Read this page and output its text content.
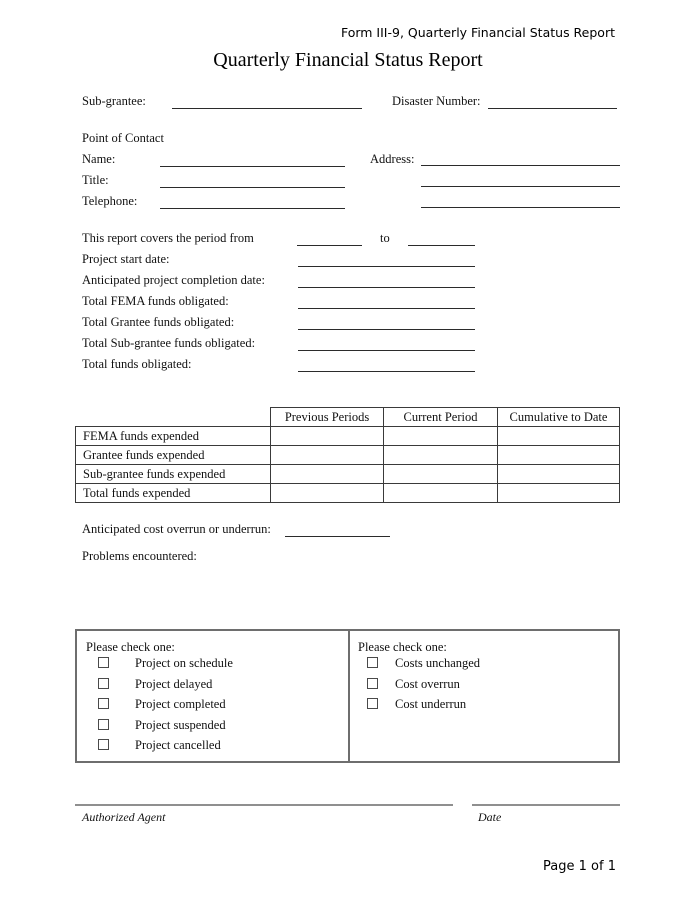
Form III-9, Quarterly Financial Status Report
Quarterly Financial Status Report
Sub-grantee:	Disaster Number:
Point of Contact
Name:
Title:
Telephone:
Address:
This report covers the period from	to
Project start date:
Anticipated project completion date:
Total FEMA funds obligated:
Total Grantee funds obligated:
Total Sub-grantee funds obligated:
Total funds obligated:
	Previous Periods	Current Period	Cumulative to Date
FEMA funds expended			
Grantee funds expended			
Sub-grantee funds expended			
Total funds expended			
Anticipated cost overrun or underrun:
Problems encountered:
Please check one:
Project on schedule
Project delayed
Project completed
Project suspended
Project cancelled
Please check one:
Costs unchanged
Cost overrun
Cost underrun
Authorized Agent	Date
Page 1 of 1
